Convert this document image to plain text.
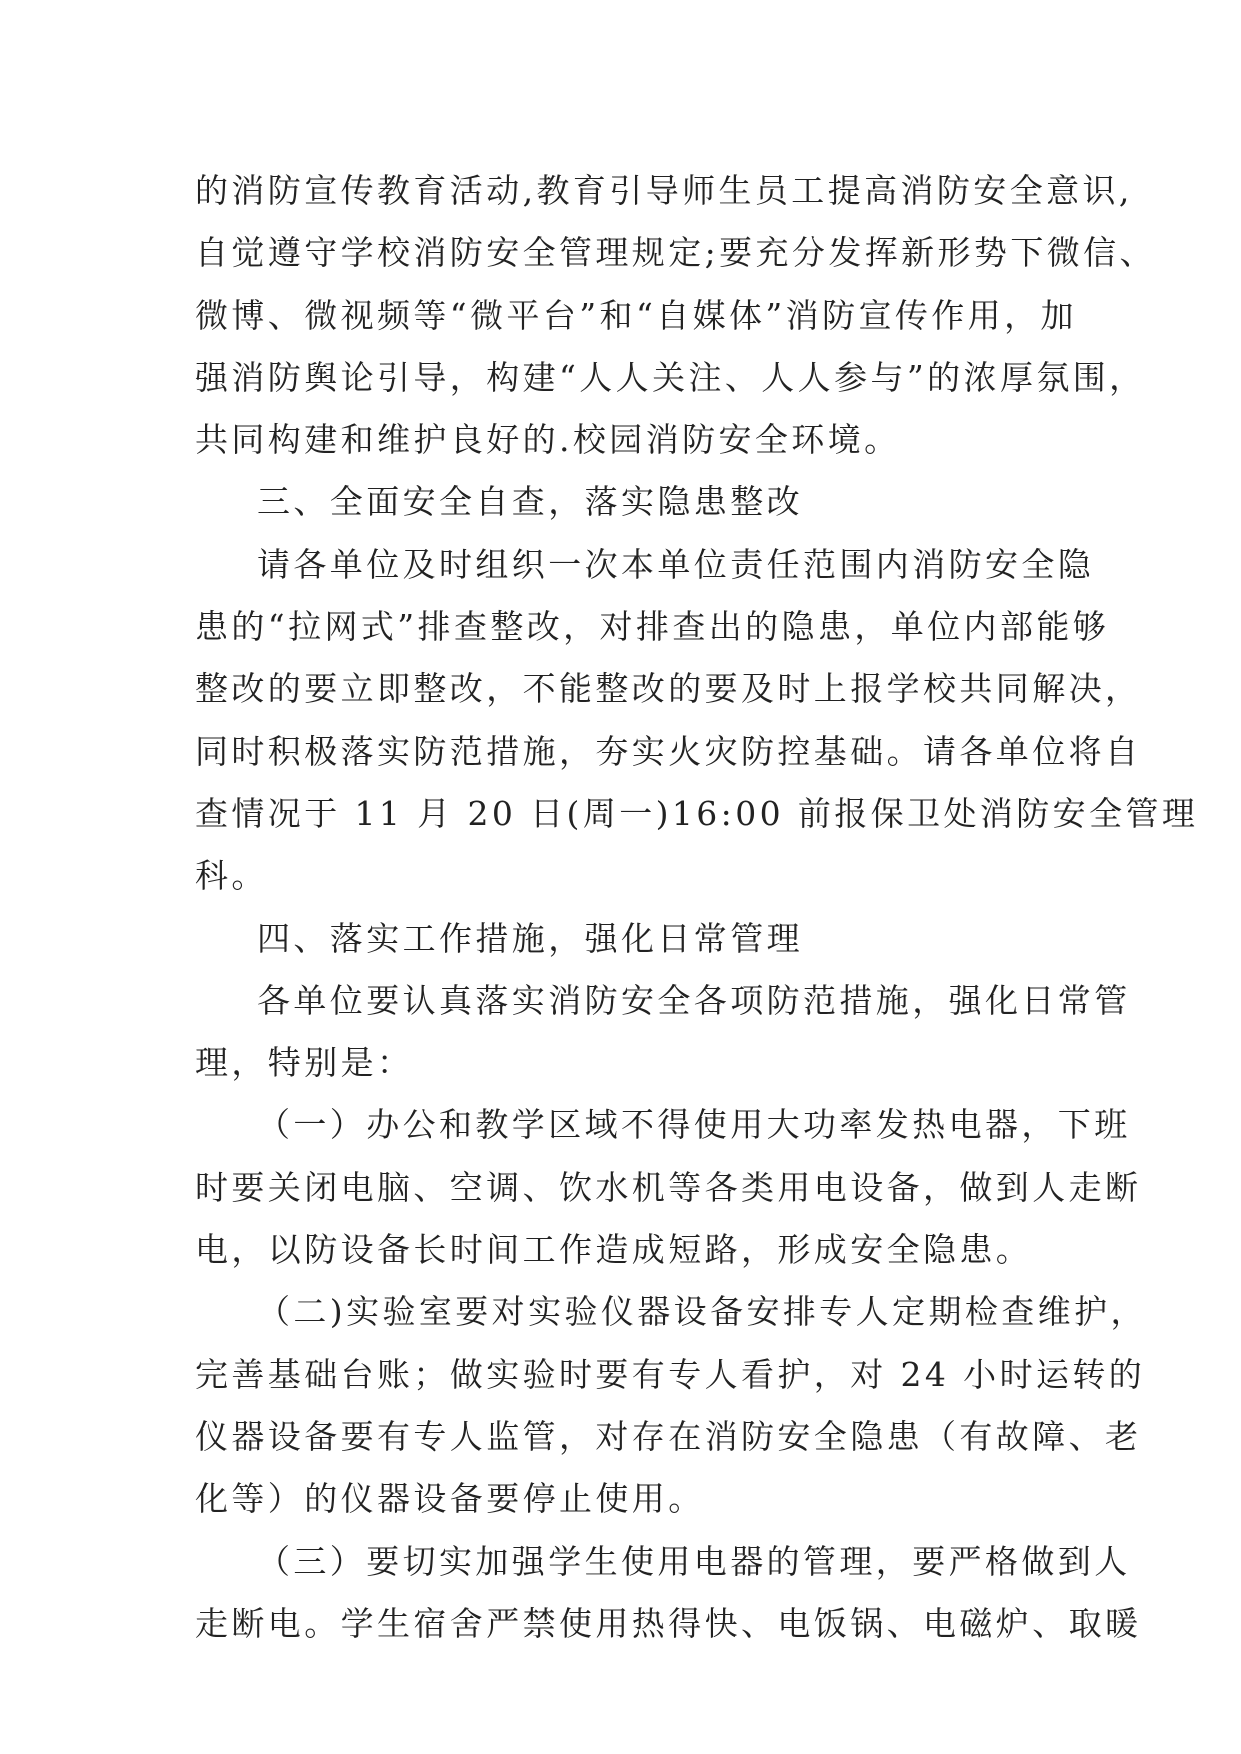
的消防宣传教育活动,教育引导师生员工提高消防安全意识,
自觉遵守学校消防安全管理规定;要充分发挥新形势下微信、
微博、微视频等“微平台”和“自媒体”消防宣传作用，加
强消防舆论引导，构建“人人关注、人人参与”的浓厚氛围，
共同构建和维护良好的.校园消防安全环境。
三、全面安全自查，落实隐患整改
请各单位及时组织一次本单位责任范围内消防安全隐
患的“拉网式”排查整改，对排查出的隐患，单位内部能够
整改的要立即整改，不能整改的要及时上报学校共同解决，
同时积极落实防范措施，夯实火灾防控基础。请各单位将自
查情况于 11 月 20 日(周一)16:00 前报保卫处消防安全管理
科。
四、落实工作措施，强化日常管理
各单位要认真落实消防安全各项防范措施，强化日常管
理，特别是：
（一）办公和教学区域不得使用大功率发热电器，下班
时要关闭电脑、空调、饮水机等各类用电设备，做到人走断
电，以防设备长时间工作造成短路，形成安全隐患。
（二)实验室要对实验仪器设备安排专人定期检查维护，
完善基础台账；做实验时要有专人看护，对 24 小时运转的
仪器设备要有专人监管，对存在消防安全隐患（有故障、老
化等）的仪器设备要停止使用。
（三）要切实加强学生使用电器的管理，要严格做到人
走断电。学生宿舍严禁使用热得快、电饭锅、电磁炉、取暖
